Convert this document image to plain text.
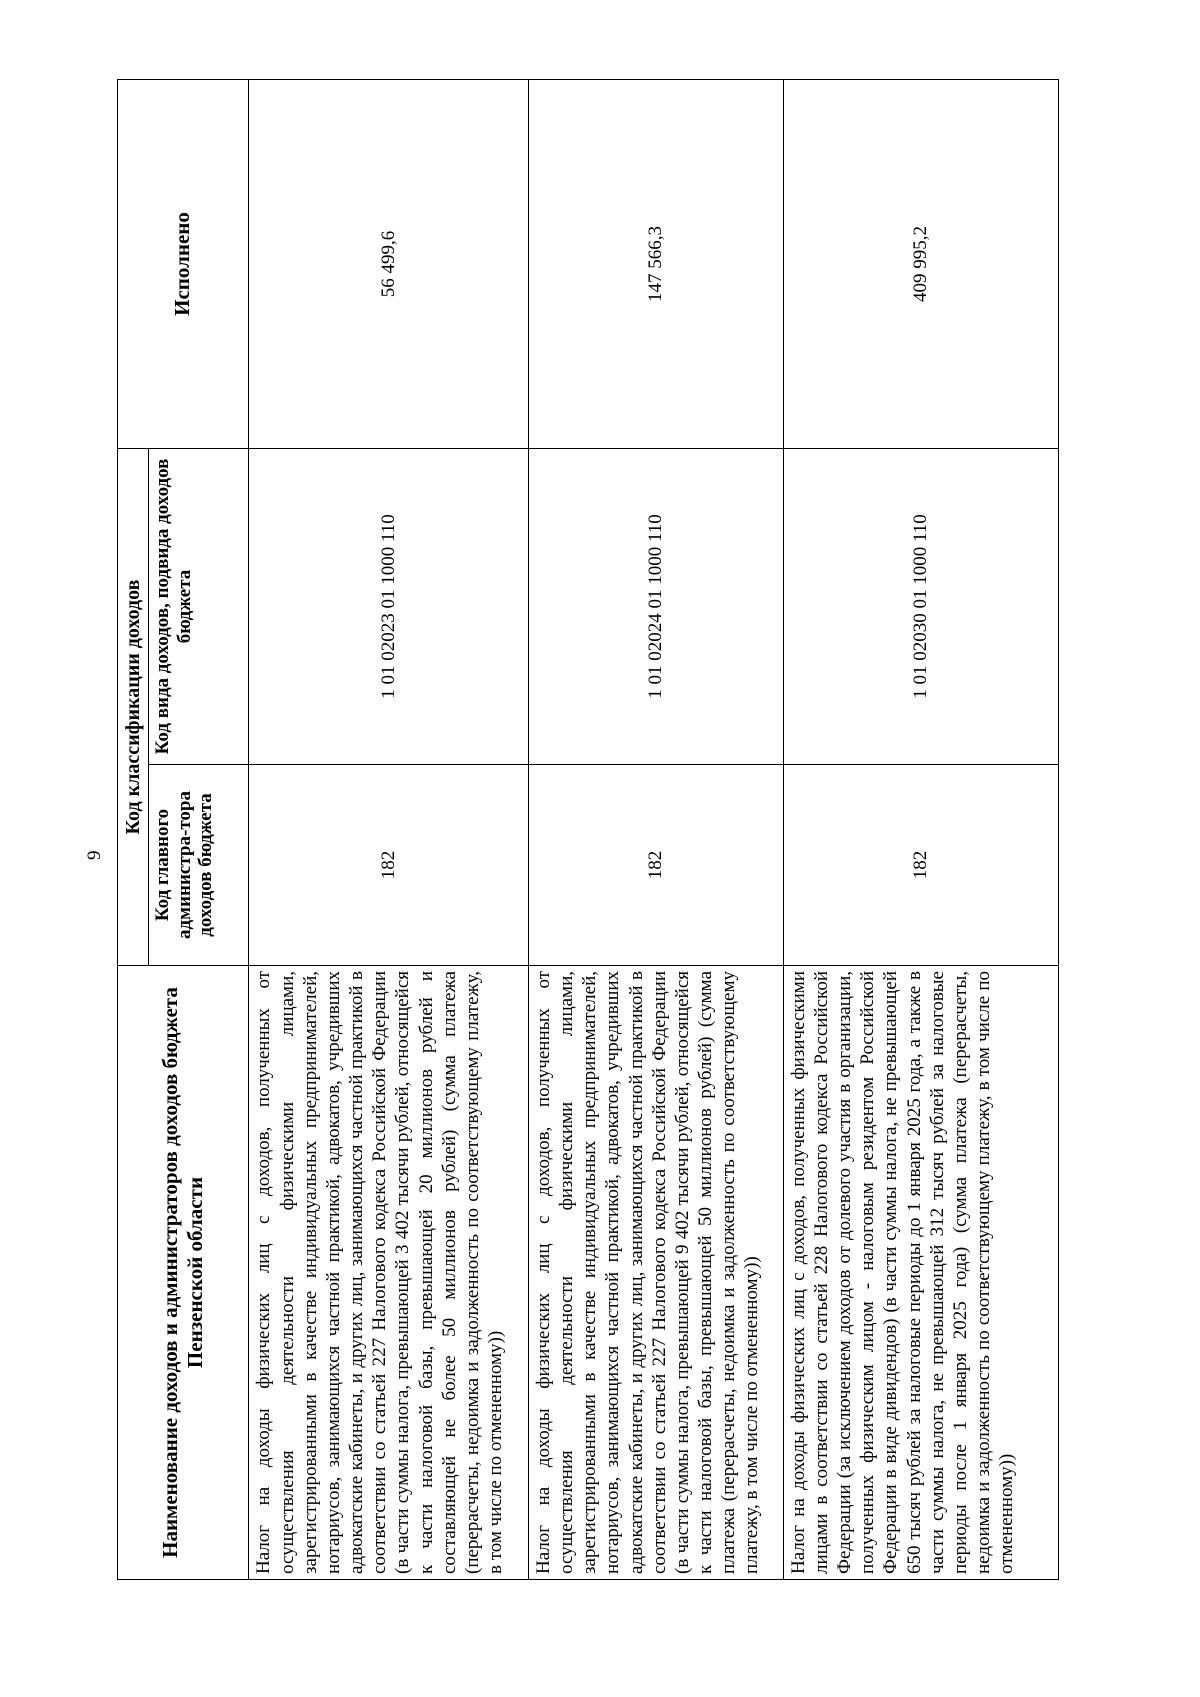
9
Наименование доходов и администраторов доходов бюджета Пензенской области	Код классификации доходов		Исполнено
	Код главного администра-тора доходов бюджета	Код вида доходов, подвида доходов бюджета	
Налог на доходы физических лиц с доходов, полученных от осуществления деятельности физическими лицами, зарегистрированными в качестве индивидуальных предпринимателей, нотариусов, занимающихся частной практикой, адвокатов, учредивших адвокатские кабинеты, и других лиц, занимающихся частной практикой в соответствии со статьей 227 Налогового кодекса Российской Федерации (в части суммы налога, превышающей 3 402 тысячи рублей, относящейся к части налоговой базы, превышающей 20 миллионов рублей и составляющей не более 50 миллионов рублей) (сумма платежа (перерасчеты, недоимка и задолженность по соответствующему платежу, в том числе по отмененному))	182	1 01 02023 01 1000 110	56 499,6
Налог на доходы физических лиц с доходов, полученных от осуществления деятельности физическими лицами, зарегистрированными в качестве индивидуальных предпринимателей, нотариусов, занимающихся частной практикой, адвокатов, учредивших адвокатские кабинеты, и других лиц, занимающихся частной практикой в соответствии со статьей 227 Налогового кодекса Российской Федерации (в части суммы налога, превышающей 9 402 тысячи рублей, относящейся к части налоговой базы, превышающей 50 миллионов рублей) (сумма платежа (перерасчеты, недоимка и задолженность по соответствующему платежу, в том числе по отмененному))	182	1 01 02024 01 1000 110	147 566,3
Налог на доходы физических лиц с доходов, полученных физическими лицами в соответствии со статьей 228 Налогового кодекса Российской Федерации (за исключением доходов от долевого участия в организации, полученных физическим лицом - налоговым резидентом Российской Федерации в виде дивидендов) (в части суммы налога, не превышающей 650 тысяч рублей за налоговые периоды до 1 января 2025 года, а также в части суммы налога, не превышающей 312 тысяч рублей за налоговые периоды после 1 января 2025 года) (сумма платежа (перерасчеты, недоимка и задолженность по соответствующему платежу, в том числе по отмененному))	182	1 01 02030 01 1000 110	409 995,2
